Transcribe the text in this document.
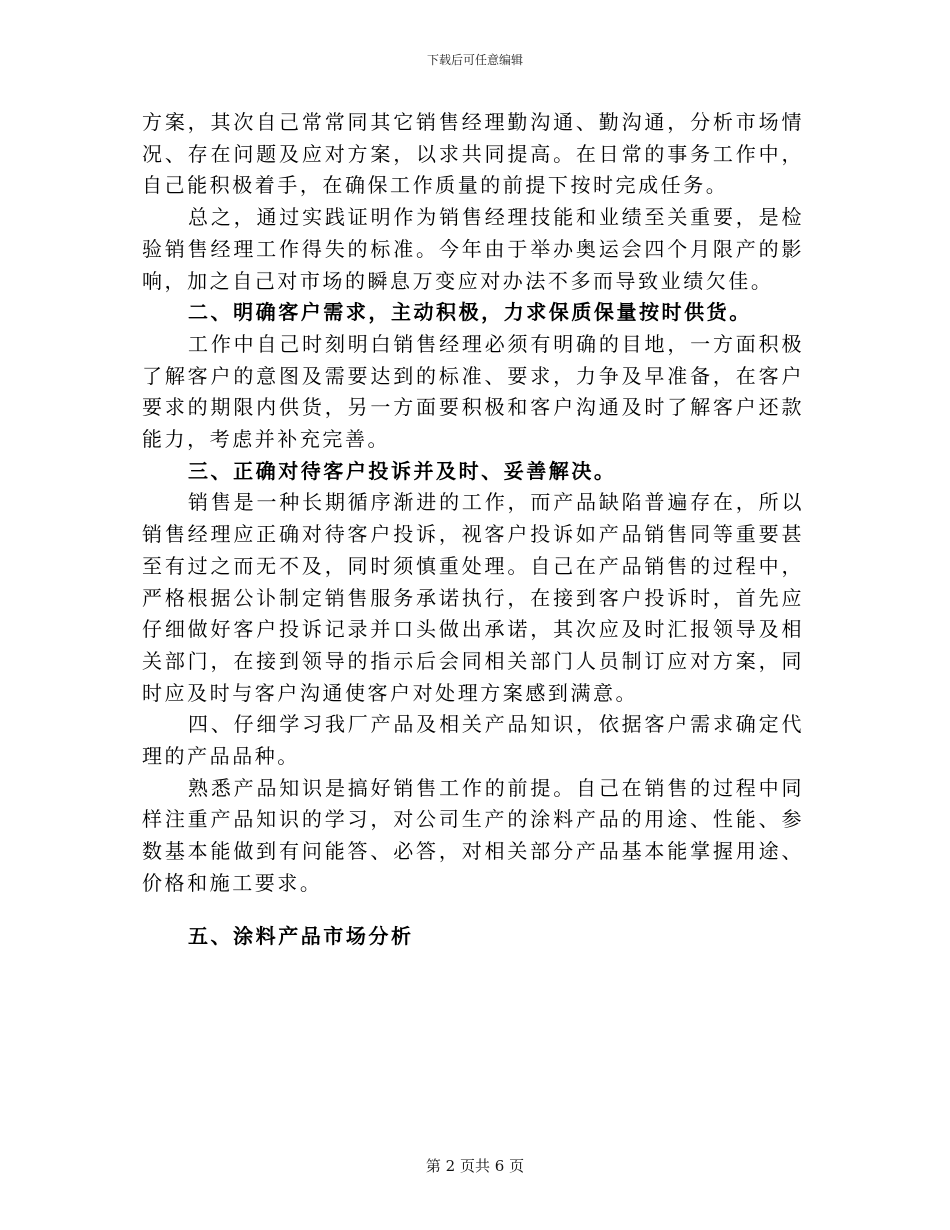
下载后可任意编辑

方案，其次自己常常同其它销售经理勤沟通、勤沟通，分析市场情况、存在问题及应对方案，以求共同提高。在日常的事务工作中，自己能积极着手，在确保工作质量的前提下按时完成任务。

总之，通过实践证明作为销售经理技能和业绩至关重要，是检验销售经理工作得失的标准。今年由于举办奥运会四个月限产的影响，加之自己对市场的瞬息万变应对办法不多而导致业绩欠佳。

二、明确客户需求，主动积极，力求保质保量按时供货。

工作中自己时刻明白销售经理必须有明确的目地，一方面积极了解客户的意图及需要达到的标准、要求，力争及早准备，在客户要求的期限内供货，另一方面要积极和客户沟通及时了解客户还款能力，考虑并补充完善。

三、正确对待客户投诉并及时、妥善解决。

销售是一种长期循序渐进的工作，而产品缺陷普遍存在，所以销售经理应正确对待客户投诉，视客户投诉如产品销售同等重要甚至有过之而无不及，同时须慎重处理。自己在产品销售的过程中，严格根据公讣制定销售服务承诺执行，在接到客户投诉时，首先应仔细做好客户投诉记录并口头做出承诺，其次应及时汇报领导及相关部门，在接到领导的指示后会同相关部门人员制订应对方案，同时应及时与客户沟通使客户对处理方案感到满意。

四、仔细学习我厂产品及相关产品知识，依据客户需求确定代理的产品品种。

熟悉产品知识是搞好销售工作的前提。自己在销售的过程中同样注重产品知识的学习，对公司生产的涂料产品的用途、性能、参数基本能做到有问能答、必答，对相关部分产品基本能掌握用途、价格和施工要求。

五、涂料产品市场分析

第 2 页共 6 页
